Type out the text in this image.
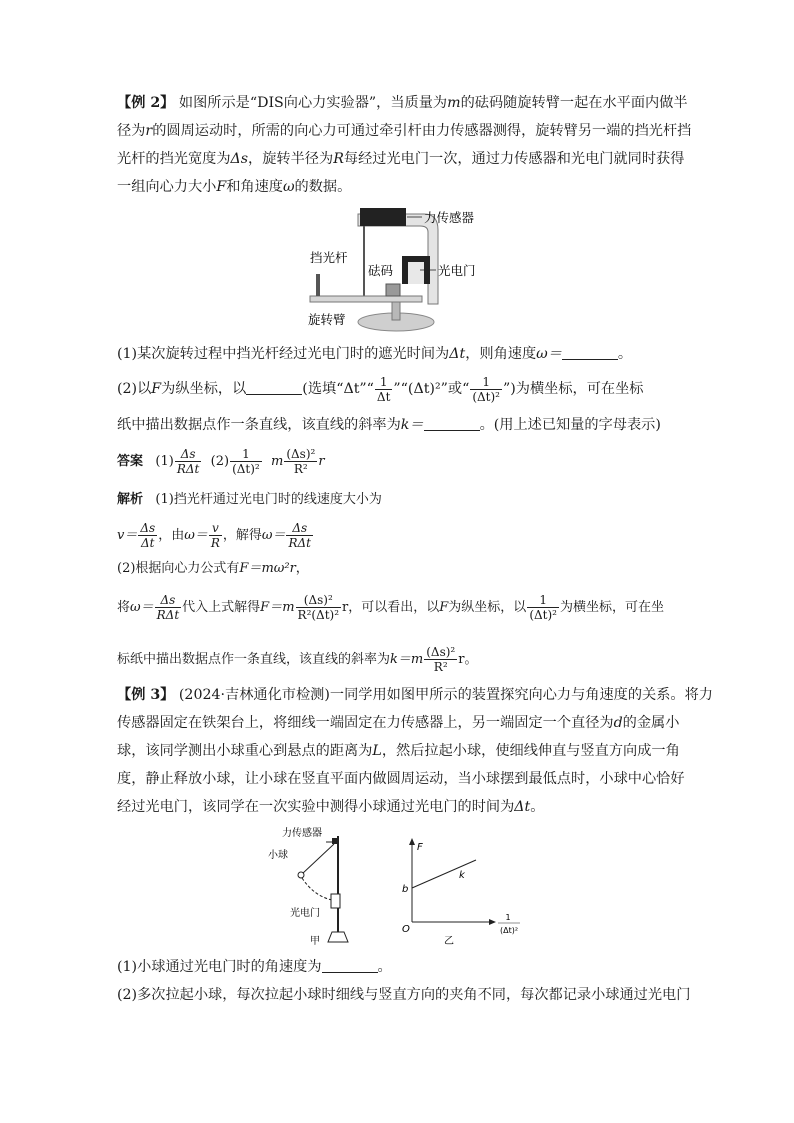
【例 2】 如图所示是“DIS向心力实验器”，当质量为m的砝码随旋转臂一起在水平面内做半
径为r的圆周运动时，所需的向心力可通过牵引杆由力传感器测得，旋转臂另一端的挡光杆挡
光杆的挡光宽度为Δs，旋转半径为R每经过光电门一次，通过力传感器和光电门就同时获得
一组向心力大小F和角速度ω的数据。
力传感器
光电门
挡光杆
砝码
旋转臂
(1)某次旋转过程中挡光杆经过光电门时的遮光时间为Δt，则角速度ω＝	。
(2)以F为纵坐标，以	(选填“Δt”“ $\frac{1}{\Delta t}$ ”“(Δt)²”或“ $\frac{1}{\text{(Δt)²}}$ ”)为横坐标，可在坐标
纸中描出数据点作一条直线，该直线的斜率为k＝	。(用上述已知量的字母表示)
答案 $(1) \frac{\Delta s}{\text{RΔt}} (2) \frac{1}{\text{(Δt)²}}$ m $\frac{\text{(Δs)²}}{\text{R²}}$ r
解析 (1)挡光杆通过光电门时的线速度大小为
$v= \frac{\Delta s}{\Delta t}$ ，由$\omega= \frac{v}{R}$ ，解得$\omega= \frac{\Delta s}{\text{RΔt}}$
(2)根据向心力公式有F＝mω²r，
将$\omega= \frac{\Delta s}{\text{RΔt}}$ 代入上式解得$F=m \frac{\text{(Δs)²}}{\text{R²(Δt)²}}$ r，可以看出，以F为纵坐标，以 $\frac{1}{\text{(Δt)²}}$ 为横坐标，可在坐
标纸中描出数据点作一条直线，该直线的斜率为$k=m \frac{\text{(Δs)²}}{\text{R²}}$ r。
【例 3】 (2024·吉林通化市检测)一同学用如图甲所示的装置探究向心力与角速度的关系。将力
传感器固定在铁架台上，将细线一端固定在力传感器上，另一端固定一个直径为d的金属小
球，该同学测出小球重心到悬点的距离为L，然后拉起小球，使细线伸直与竖直方向成一角
度，静止释放小球，让小球在竖直平面内做圆周运动，当小球摆到最低点时，小球中心恰好
经过光电门，该同学在一次实验中测得小球通过光电门的时间为Δt。
力传感器
小球
光电门
甲
F
b
k
O
1
(Δt)²
乙
(1)小球通过光电门时的角速度为	。
(2)多次拉起小球，每次拉起小球时细线与竖直方向的夹角不同，每次都记录小球通过光电门
